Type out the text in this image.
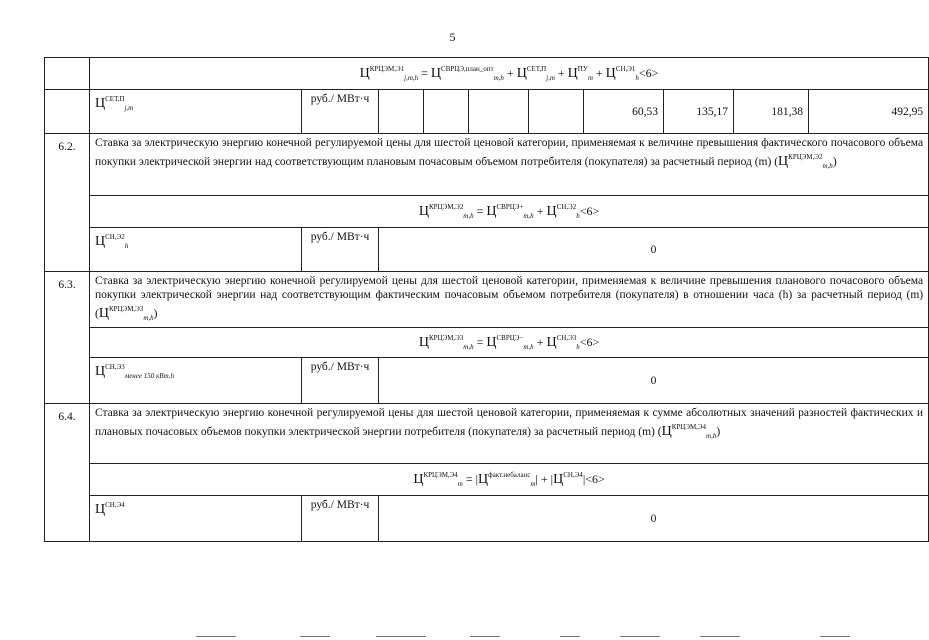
5
	$Ц^{КРЦЭМ,Э1}_{j,m,h} = Ц^{СВРЦЭ,план\_опт}_{m,h} + Ц^{СЕТ,П}_{j,m} + Ц^{ПУ}_m + Ц^{СН,Э1}_h<6>$									
	$Ц^{СЕТ,П}_{j,m}$	руб./ МВт·ч					60,53	135,17	181,38	492,95
6.2.	Ставка за электрическую энергию конечной регулируемой цены для шестой ценовой категории, применяемая к величине превышения фактического почасового объема покупки электрической энергии над соответствующим плановым почасовым объемом потребителя (покупателя) за расчетный период (m) $(Ц^{КРЦЭМ,Э2}_{m,h})$									
	$Ц^{КРЦЭМ,Э2}_{m,h} = Ц^{СВРЦЭ+}_{m,h} + Ц^{СН,Э2}_h<6>$									
	$Ц^{СН,Э2}_h$	руб./ МВт·ч	0							
6.3.	Ставка за электрическую энергию конечной регулируемой цены для шестой ценовой категории, применяемая к величине превышения планового почасового объема покупки электрической энергии над соответствующим фактическим почасовым объемом потребителя (покупателя) в отношении часа (h) за расчетный период (m) $(Ц^{КРЦЭМ,Э3}_{m,h})$									
	$Ц^{КРЦЭМ,Э3}_{m,h} = Ц^{СВРЦЭ-}_{m,h} + Ц^{СН,Э3}_h<6>$									
	$Ц^{СН,Э3}_{менее 150 кВт,h}$	руб./ МВт·ч	0							
6.4.	Ставка за электрическую энергию конечной регулируемой цены для шестой ценовой категории, применяемая к сумме абсолютных значений разностей фактических и плановых почасовых объемов покупки электрической энергии потребителя (покупателя) за расчетный период (m) $(Ц^{КРЦЭМ,Э4}_{m,h})$									
	$Ц^{КРЦЭМ,Э4}_m = |Ц^{факт.небаланс}_m| + |Ц^{СН,Э4}|<6>$									
	$Ц^{СН,Э4}$	руб./ МВт·ч	0							
